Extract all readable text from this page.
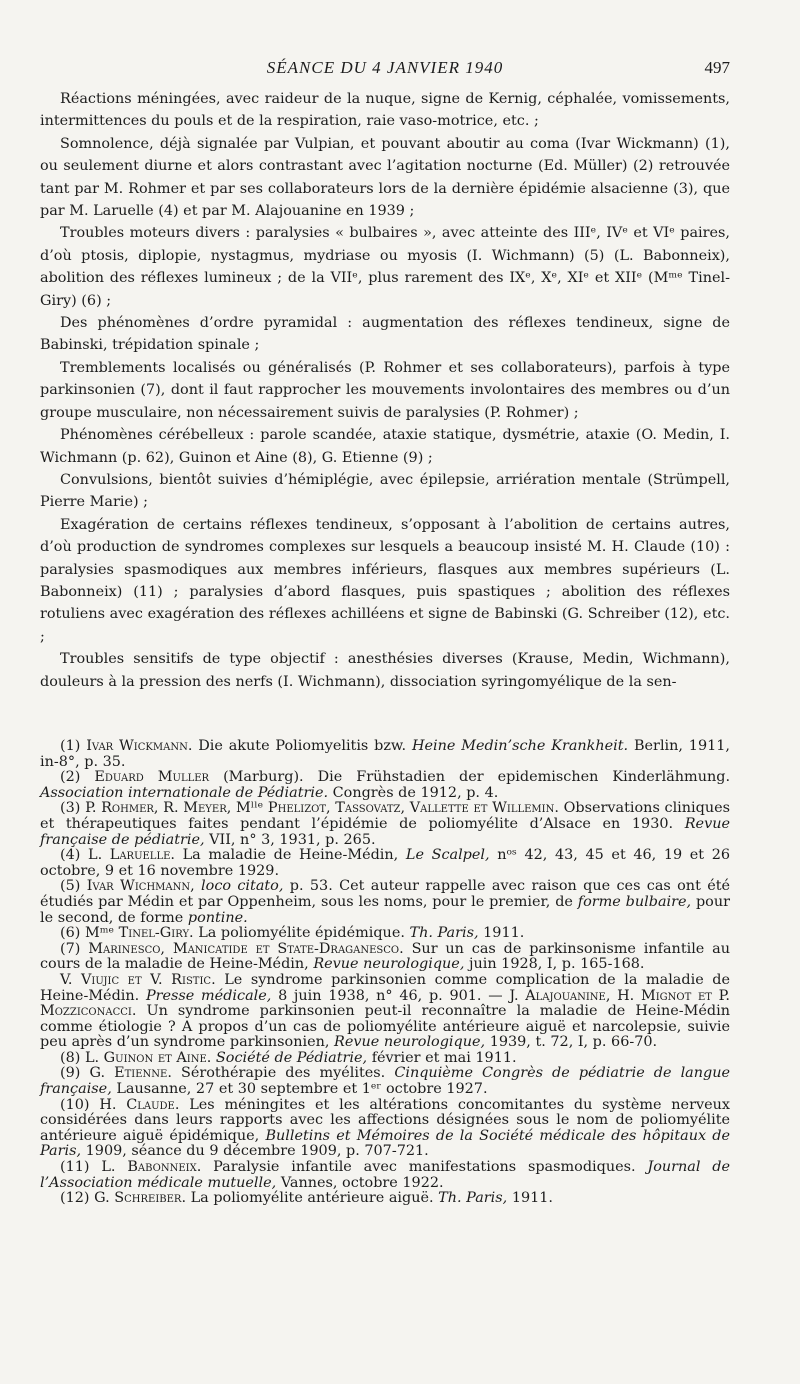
SÉANCE DU 4 JANVIER 1940	497

Réactions méningées, avec raideur de la nuque, signe de Kernig, céphalée, vomissements, intermittences du pouls et de la respiration, raie vaso-motrice, etc. ;

Somnolence, déjà signalée par Vulpian, et pouvant aboutir au coma (Ivar Wickmann) (1), ou seulement diurne et alors contrastant avec l’agitation nocturne (Ed. Müller) (2) retrouvée tant par M. Rohmer et par ses collaborateurs lors de la dernière épidémie alsacienne (3), que par M. Laruelle (4) et par M. Alajouanine en 1939 ;

Troubles moteurs divers : paralysies « bulbaires », avec atteinte des IIIᵉ, IVᵉ et VIᵉ paires, d’où ptosis, diplopie, nystagmus, mydriase ou myosis (I. Wichmann) (5) (L. Babonneix), abolition des réflexes lumineux ; de la VIIᵉ, plus rarement des IXᵉ, Xᵉ, XIᵉ et XIIᵉ (Mᵐᵉ Tinel-Giry) (6) ;

Des phénomènes d’ordre pyramidal : augmentation des réflexes tendineux, signe de Babinski, trépidation spinale ;

Tremblements localisés ou généralisés (P. Rohmer et ses collaborateurs), parfois à type parkinsonien (7), dont il faut rapprocher les mouvements involontaires des membres ou d’un groupe musculaire, non nécessairement suivis de paralysies (P. Rohmer) ;

Phénomènes cérébelleux : parole scandée, ataxie statique, dysmétrie, ataxie (O. Medin, I. Wichmann (p. 62), Guinon et Aine (8), G. Etienne (9) ;

Convulsions, bientôt suivies d’hémiplégie, avec épilepsie, arriération mentale (Strümpell, Pierre Marie) ;

Exagération de certains réflexes tendineux, s’opposant à l’abolition de certains autres, d’où production de syndromes complexes sur lesquels a beaucoup insisté M. H. Claude (10) : paralysies spasmodiques aux membres inférieurs, flasques aux membres supérieurs (L. Babonneix) (11) ; paralysies d’abord flasques, puis spastiques ; abolition des réflexes rotuliens avec exagération des réflexes achilléens et signe de Babinski (G. Schreiber (12), etc. ;

Troubles sensitifs de type objectif : anesthésies diverses (Krause, Medin, Wichmann), douleurs à la pression des nerfs (I. Wichmann), dissociation syringomyélique de la sen-

(1) Ivar Wickmann. Die akute Poliomyelitis bzw. Heine Medin’sche Krankheit. Berlin, 1911, in-8°, p. 35.

(2) Eduard Muller (Marburg). Die Frühstadien der epidemischen Kinderlähmung. Association internationale de Pédiatrie. Congrès de 1912, p. 4.

(3) P. Rohmer, R. Meyer, Mˡˡᵉ Phelizot, Tassovatz, Vallette et Willemin. Observations cliniques et thérapeutiques faites pendant l’épidémie de poliomyélite d’Alsace en 1930. Revue française de pédiatrie, VII, n° 3, 1931, p. 265.

(4) L. Laruelle. La maladie de Heine-Médin, Le Scalpel, nᵒˢ 42, 43, 45 et 46, 19 et 26 octobre, 9 et 16 novembre 1929.

(5) Ivar Wichmann, loco citato, p. 53. Cet auteur rappelle avec raison que ces cas ont été étudiés par Médin et par Oppenheim, sous les noms, pour le premier, de forme bulbaire, pour le second, de forme pontine.

(6) Mᵐᵉ Tinel-Giry. La poliomyélite épidémique. Th. Paris, 1911.

(7) Marinesco, Manicatide et State-Draganesco. Sur un cas de parkinsonisme infantile au cours de la maladie de Heine-Médin, Revue neurologique, juin 1928, I, p. 165-168.

V. Viujic et V. Ristic. Le syndrome parkinsonien comme complication de la maladie de Heine-Médin. Presse médicale, 8 juin 1938, n° 46, p. 901. — J. Alajouanine, H. Mignot et P. Mozziconacci. Un syndrome parkinsonien peut-il reconnaître la maladie de Heine-Médin comme étiologie ? A propos d’un cas de poliomyélite antérieure aiguë et narcolepsie, suivie peu après d’un syndrome parkinsonien, Revue neurologique, 1939, t. 72, I, p. 66-70.

(8) L. Guinon et Aine. Société de Pédiatrie, février et mai 1911.

(9) G. Etienne. Sérothérapie des myélites. Cinquième Congrès de pédiatrie de langue française, Lausanne, 27 et 30 septembre et 1ᵉʳ octobre 1927.

(10) H. Claude. Les méningites et les altérations concomitantes du système nerveux considérées dans leurs rapports avec les affections désignées sous le nom de poliomyélite antérieure aiguë épidémique, Bulletins et Mémoires de la Société médicale des hôpitaux de Paris, 1909, séance du 9 décembre 1909, p. 707-721.

(11) L. Babonneix. Paralysie infantile avec manifestations spasmodiques. Journal de l’Association médicale mutuelle, Vannes, octobre 1922.

(12) G. Schreiber. La poliomyélite antérieure aiguë. Th. Paris, 1911.
